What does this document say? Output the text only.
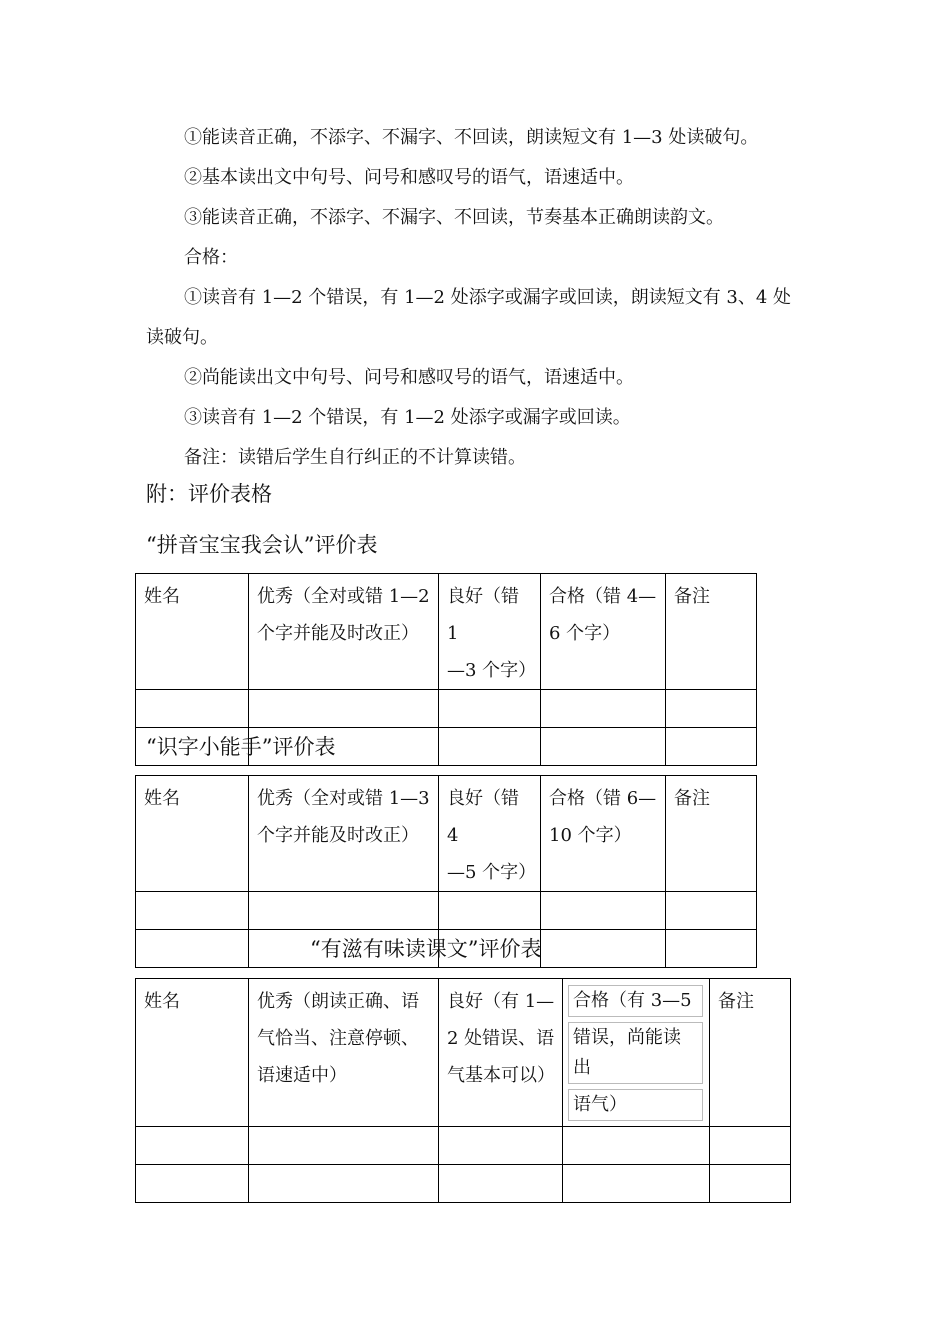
①能读音正确，不添字、不漏字、不回读，朗读短文有 1—3 处读破句。
②基本读出文中句号、问号和感叹号的语气，语速适中。
③能读音正确，不添字、不漏字、不回读，节奏基本正确朗读韵文。
合格：
①读音有 1—2 个错误，有 1—2 处添字或漏字或回读，朗读短文有 3、4 处
读破句。
②尚能读出文中句号、问号和感叹号的语气，语速适中。
③读音有 1—2 个错误，有 1—2 处添字或漏字或回读。
备注：读错后学生自行纠正的不计算读错。
附：评价表格
“拼音宝宝我会认”评价表
姓名	优秀（全对或错 1—2
个字并能及时改正）	良好（错 1
—3 个字）	合格（错 4—
6 个字）	备注

“识字小能手”评价表
姓名	优秀（全对或错 1—3
个字并能及时改正）	良好（错 4
—5 个字）	合格（错 6—
10 个字）	备注

“有滋有味读课文”评价表
姓名	优秀（朗读正确、语
气恰当、注意停顿、
语速适中）	良好（有 1—
2 处错误、语
气基本可以）	合格（有 3—5
错误，尚能读出
语气）	备注
